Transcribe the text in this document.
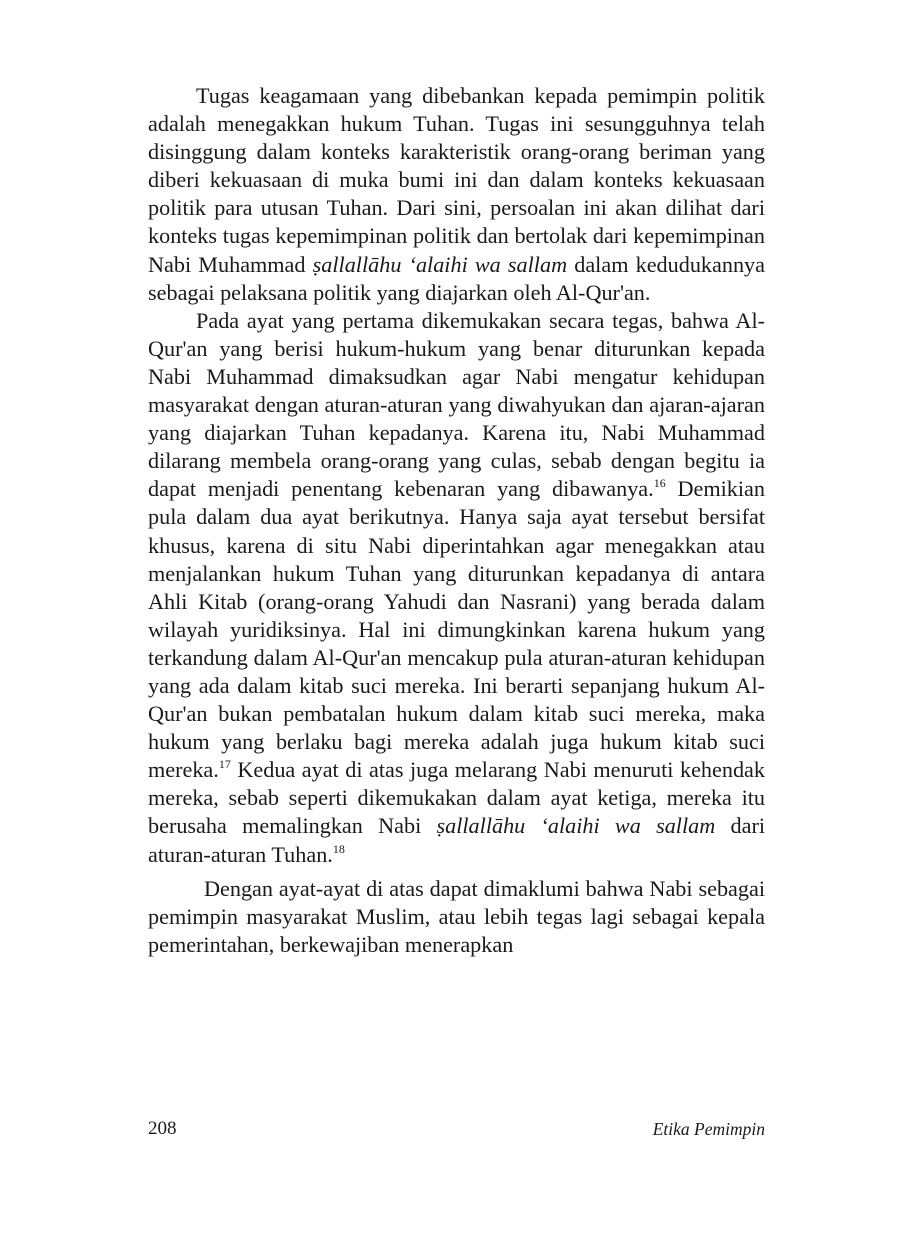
Tugas keagamaan yang dibebankan kepada pemimpin politik adalah menegakkan hukum Tuhan. Tugas ini sesungguhnya telah disinggung dalam konteks karakteristik orang-orang beriman yang diberi kekuasaan di muka bumi ini dan dalam konteks kekuasaan politik para utusan Tuhan. Dari sini, persoalan ini akan dilihat dari konteks tugas kepemimpinan politik dan bertolak dari kepemimpinan Nabi Muhammad ṣallallāhu ‘alaihi wa sallam dalam kedudukannya sebagai pelaksana politik yang diajarkan oleh Al-Qur'an.

Pada ayat yang pertama dikemukakan secara tegas, bahwa Al-Qur'an yang berisi hukum-hukum yang benar diturunkan kepada Nabi Muhammad dimaksudkan agar Nabi mengatur kehidupan masyarakat dengan aturan-aturan yang diwahyukan dan ajaran-ajaran yang diajarkan Tuhan kepadanya. Karena itu, Nabi Muhammad dilarang membela orang-orang yang culas, sebab dengan begitu ia dapat menjadi penentang kebenaran yang dibawanya.$^{16}$ Demikian pula dalam dua ayat berikutnya. Hanya saja ayat tersebut bersifat khusus, karena di situ Nabi diperintahkan agar menegakkan atau menjalankan hukum Tuhan yang diturunkan kepadanya di antara Ahli Kitab (orang-orang Yahudi dan Nasrani) yang berada dalam wilayah yuridiksinya. Hal ini dimungkinkan karena hukum yang terkandung dalam Al-Qur'an mencakup pula aturan-aturan kehidupan yang ada dalam kitab suci mereka. Ini berarti sepanjang hukum Al-Qur'an bukan pembatalan hukum dalam kitab suci mereka, maka hukum yang berlaku bagi mereka adalah juga hukum kitab suci mereka.$^{17}$ Kedua ayat di atas juga melarang Nabi menuruti kehendak mereka, sebab seperti dikemukakan dalam ayat ketiga, mereka itu berusaha memalingkan Nabi ṣallallāhu ‘alaihi wa sallam dari aturan-aturan Tuhan.$^{18}$

Dengan ayat-ayat di atas dapat dimaklumi bahwa Nabi sebagai pemimpin masyarakat Muslim, atau lebih tegas lagi sebagai kepala pemerintahan, berkewajiban menerapkan

208	Etika Pemimpin
